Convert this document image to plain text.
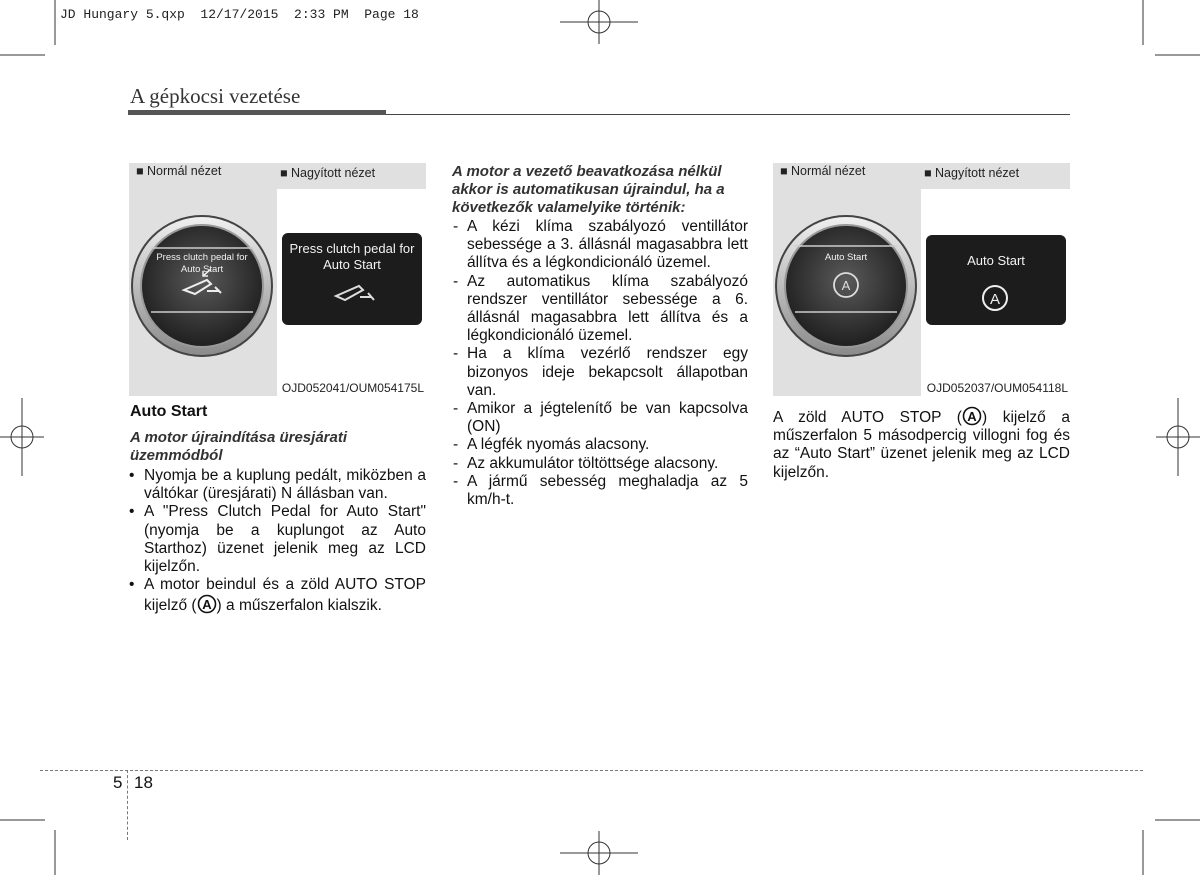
JD Hungary 5.qxp  12/17/2015  2:33 PM  Page 18
A gépkocsi vezetése
■ Normál nézet	■ Nagyított nézet
Press clutch pedal for Auto Start
Press clutch pedal for Auto Start
OJD052041/OUM054175L
■ Normál nézet	■ Nagyított nézet
A
A
Auto Start	Auto Start
OJD052037/OUM054118L
Auto Start
A motor újraindítása üresjárati üzemmódból
• Nyomja be a kuplung pedált, miközben a váltókar (üresjárati) N állásban van.
• A "Press Clutch Pedal for Auto Start" (nyomja be a kuplungot az Auto Starthoz) üzenet jelenik meg az LCD kijelzőn.
• A motor beindul és a zöld AUTO STOP kijelző ( A ) a műszerfalon kialszik.
A motor a vezető beavatkozása nélkül akkor is automatikusan újraindul, ha a következők valamelyike történik:
- A kézi klíma szabályozó ventillátor sebessége a 3. állásnál magasabbra lett állítva és a légkondicionáló üzemel.
- Az automatikus klíma szabályozó rendszer ventillátor sebessége a 6. állásnál magasabbra lett állítva és a légkondicionáló üzemel.
- Ha a klíma vezérlő rendszer egy bizonyos ideje bekapcsolt állapotban van.
- Amikor a jégtelenítő be van kapcsolva (ON)
- A légfék nyomás alacsony.
- Az akkumulátor töltöttsége alacsony.
- A jármű sebesség meghaladja az 5 km/h-t.
A zöld AUTO STOP ( A ) kijelző a műszerfalon 5 másodpercig villogni fog és az “Auto Start” üzenet jelenik meg az LCD kijelzőn.
5 18
